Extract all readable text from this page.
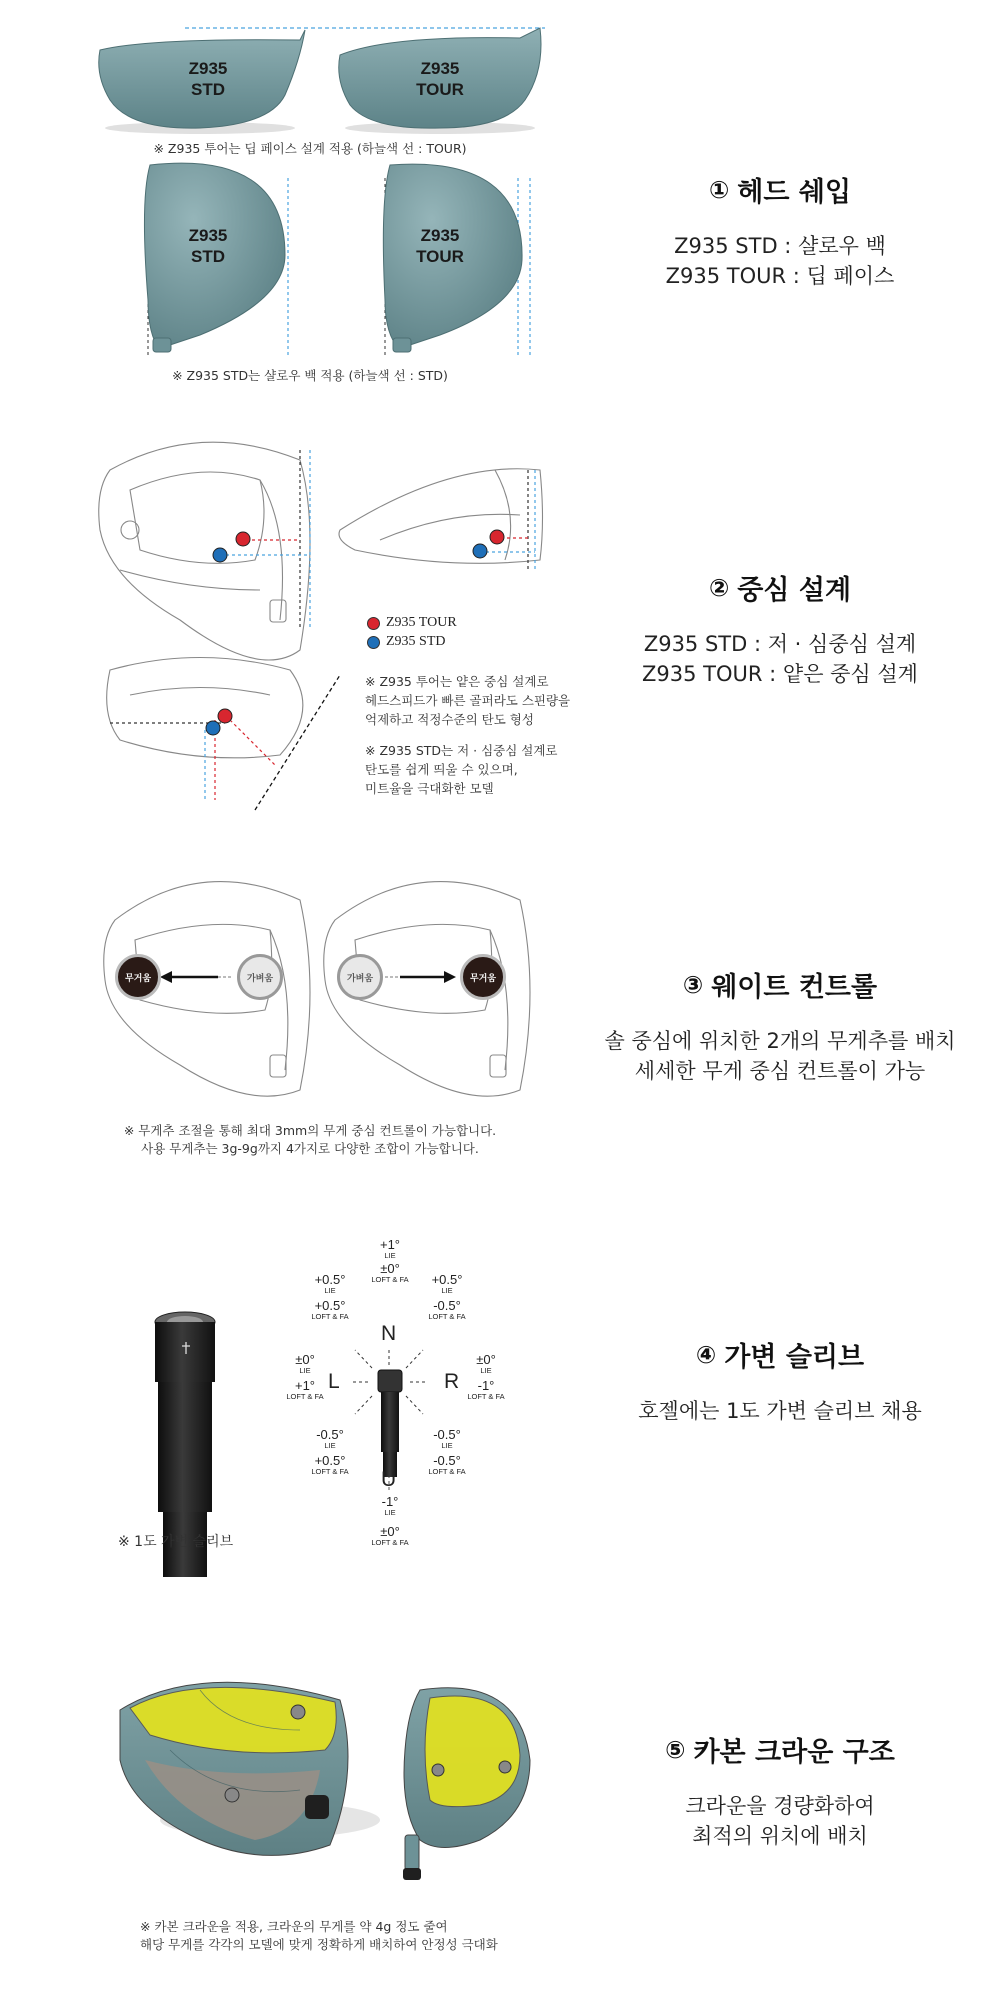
Z935
STD
Z935
TOUR
Z935
STD
Z935
TOUR
※ Z935 투어는 딥 페이스 설계 적용 (하늘색 선 : TOUR)
※ Z935 STD는 샬로우 백 적용 (하늘색 선 : STD)
① 헤드 쉐입
Z935 STD : 샬로우 백
Z935 TOUR : 딥 페이스
Z935 TOUR
Z935 STD
※ Z935 투어는 얕은 중심 설계로
헤드스피드가 빠른 골퍼라도 스핀량을
억제하고 적정수준의 탄도 형성
※ Z935 STD는 저 · 심중심 설계로
탄도를 쉽게 띄울 수 있으며,
미트율을 극대화한 모델
② 중심 설계
Z935 STD : 저 · 심중심 설계
Z935 TOUR : 얕은 중심 설계
무거움	가벼움	가벼움	무거움
※ 무게추 조절을 통해 최대 3mm의 무게 중심 컨트롤이 가능합니다.
사용 무게추는 3g-9g까지 4가지로 다양한 조합이 가능합니다.
③ 웨이트 컨트롤
솔 중심에 위치한 2개의 무게추를 배치
세세한 무게 중심 컨트롤이 가능
N
L	R
U
+1°
LIE
±0°
LOFT & FA
+0.5°
LIE
+0.5°
LOFT & FA
+0.5°
LIE
-0.5°
LOFT & FA
±0°
LIE
+1°
LOFT & FA
±0°
LIE
-1°
LOFT & FA
-0.5°
LIE
+0.5°
LOFT & FA
-0.5°
LIE
-0.5°
LOFT & FA
-1°
LIE
±0°
LOFT & FA
※ 1도 가변 슬리브
④ 가변 슬리브
호젤에는 1도 가변 슬리브 채용
※ 카본 크라운을 적용, 크라운의 무게를 약 4g 정도 줄여
해당 무게를 각각의 모델에 맞게 정확하게 배치하여 안정성 극대화
⑤ 카본 크라운 구조
크라운을 경량화하여
최적의 위치에 배치
